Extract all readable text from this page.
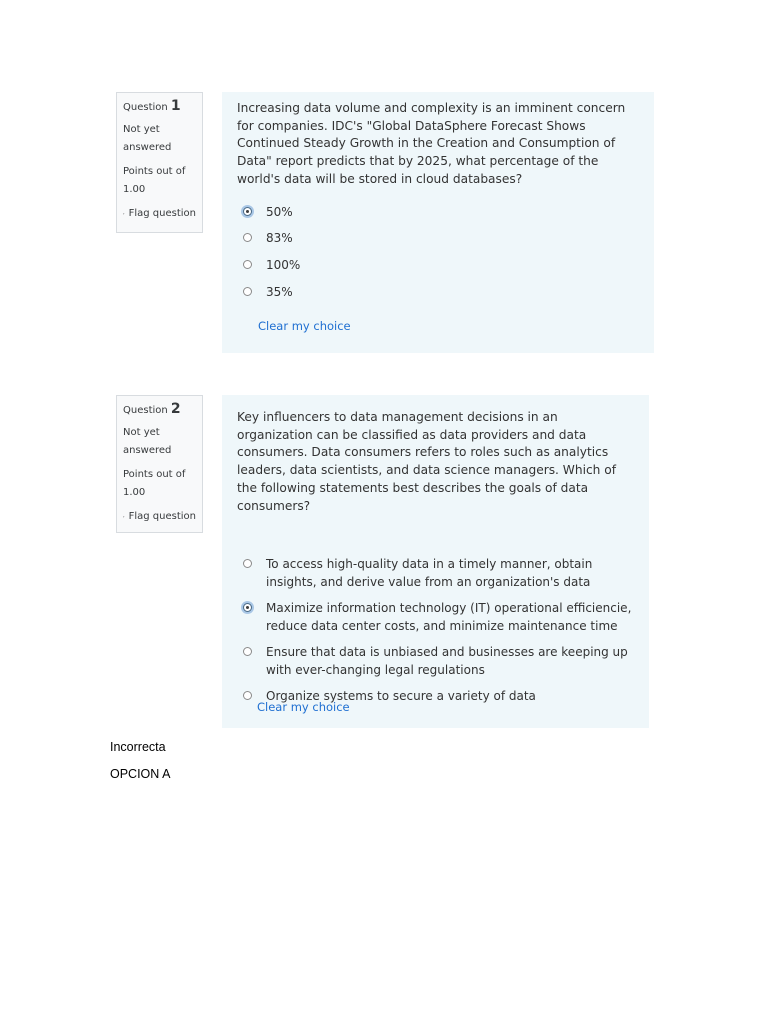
Question 1
Not yet answered
Points out of 1.00
Flag question
Increasing data volume and complexity is an imminent concern for companies. IDC's "Global DataSphere Forecast Shows Continued Steady Growth in the Creation and Consumption of Data" report predicts that by 2025, what percentage of the world's data will be stored in cloud databases?
50%
83%
100%
35%
Clear my choice
Question 2
Not yet answered
Points out of 1.00
Flag question
Key influencers to data management decisions in an organization can be classified as data providers and data consumers. Data consumers refers to roles such as analytics leaders, data scientists, and data science managers. Which of the following statements best describes the goals of data consumers?
To access high-quality data in a timely manner, obtain insights, and derive value from an organization's data
Maximize information technology (IT) operational efficiencie, reduce data center costs, and minimize maintenance time
Ensure that data is unbiased and businesses are keeping up with ever-changing legal regulations
Organize systems to secure a variety of data
Clear my choice
Incorrecta
OPCION A
